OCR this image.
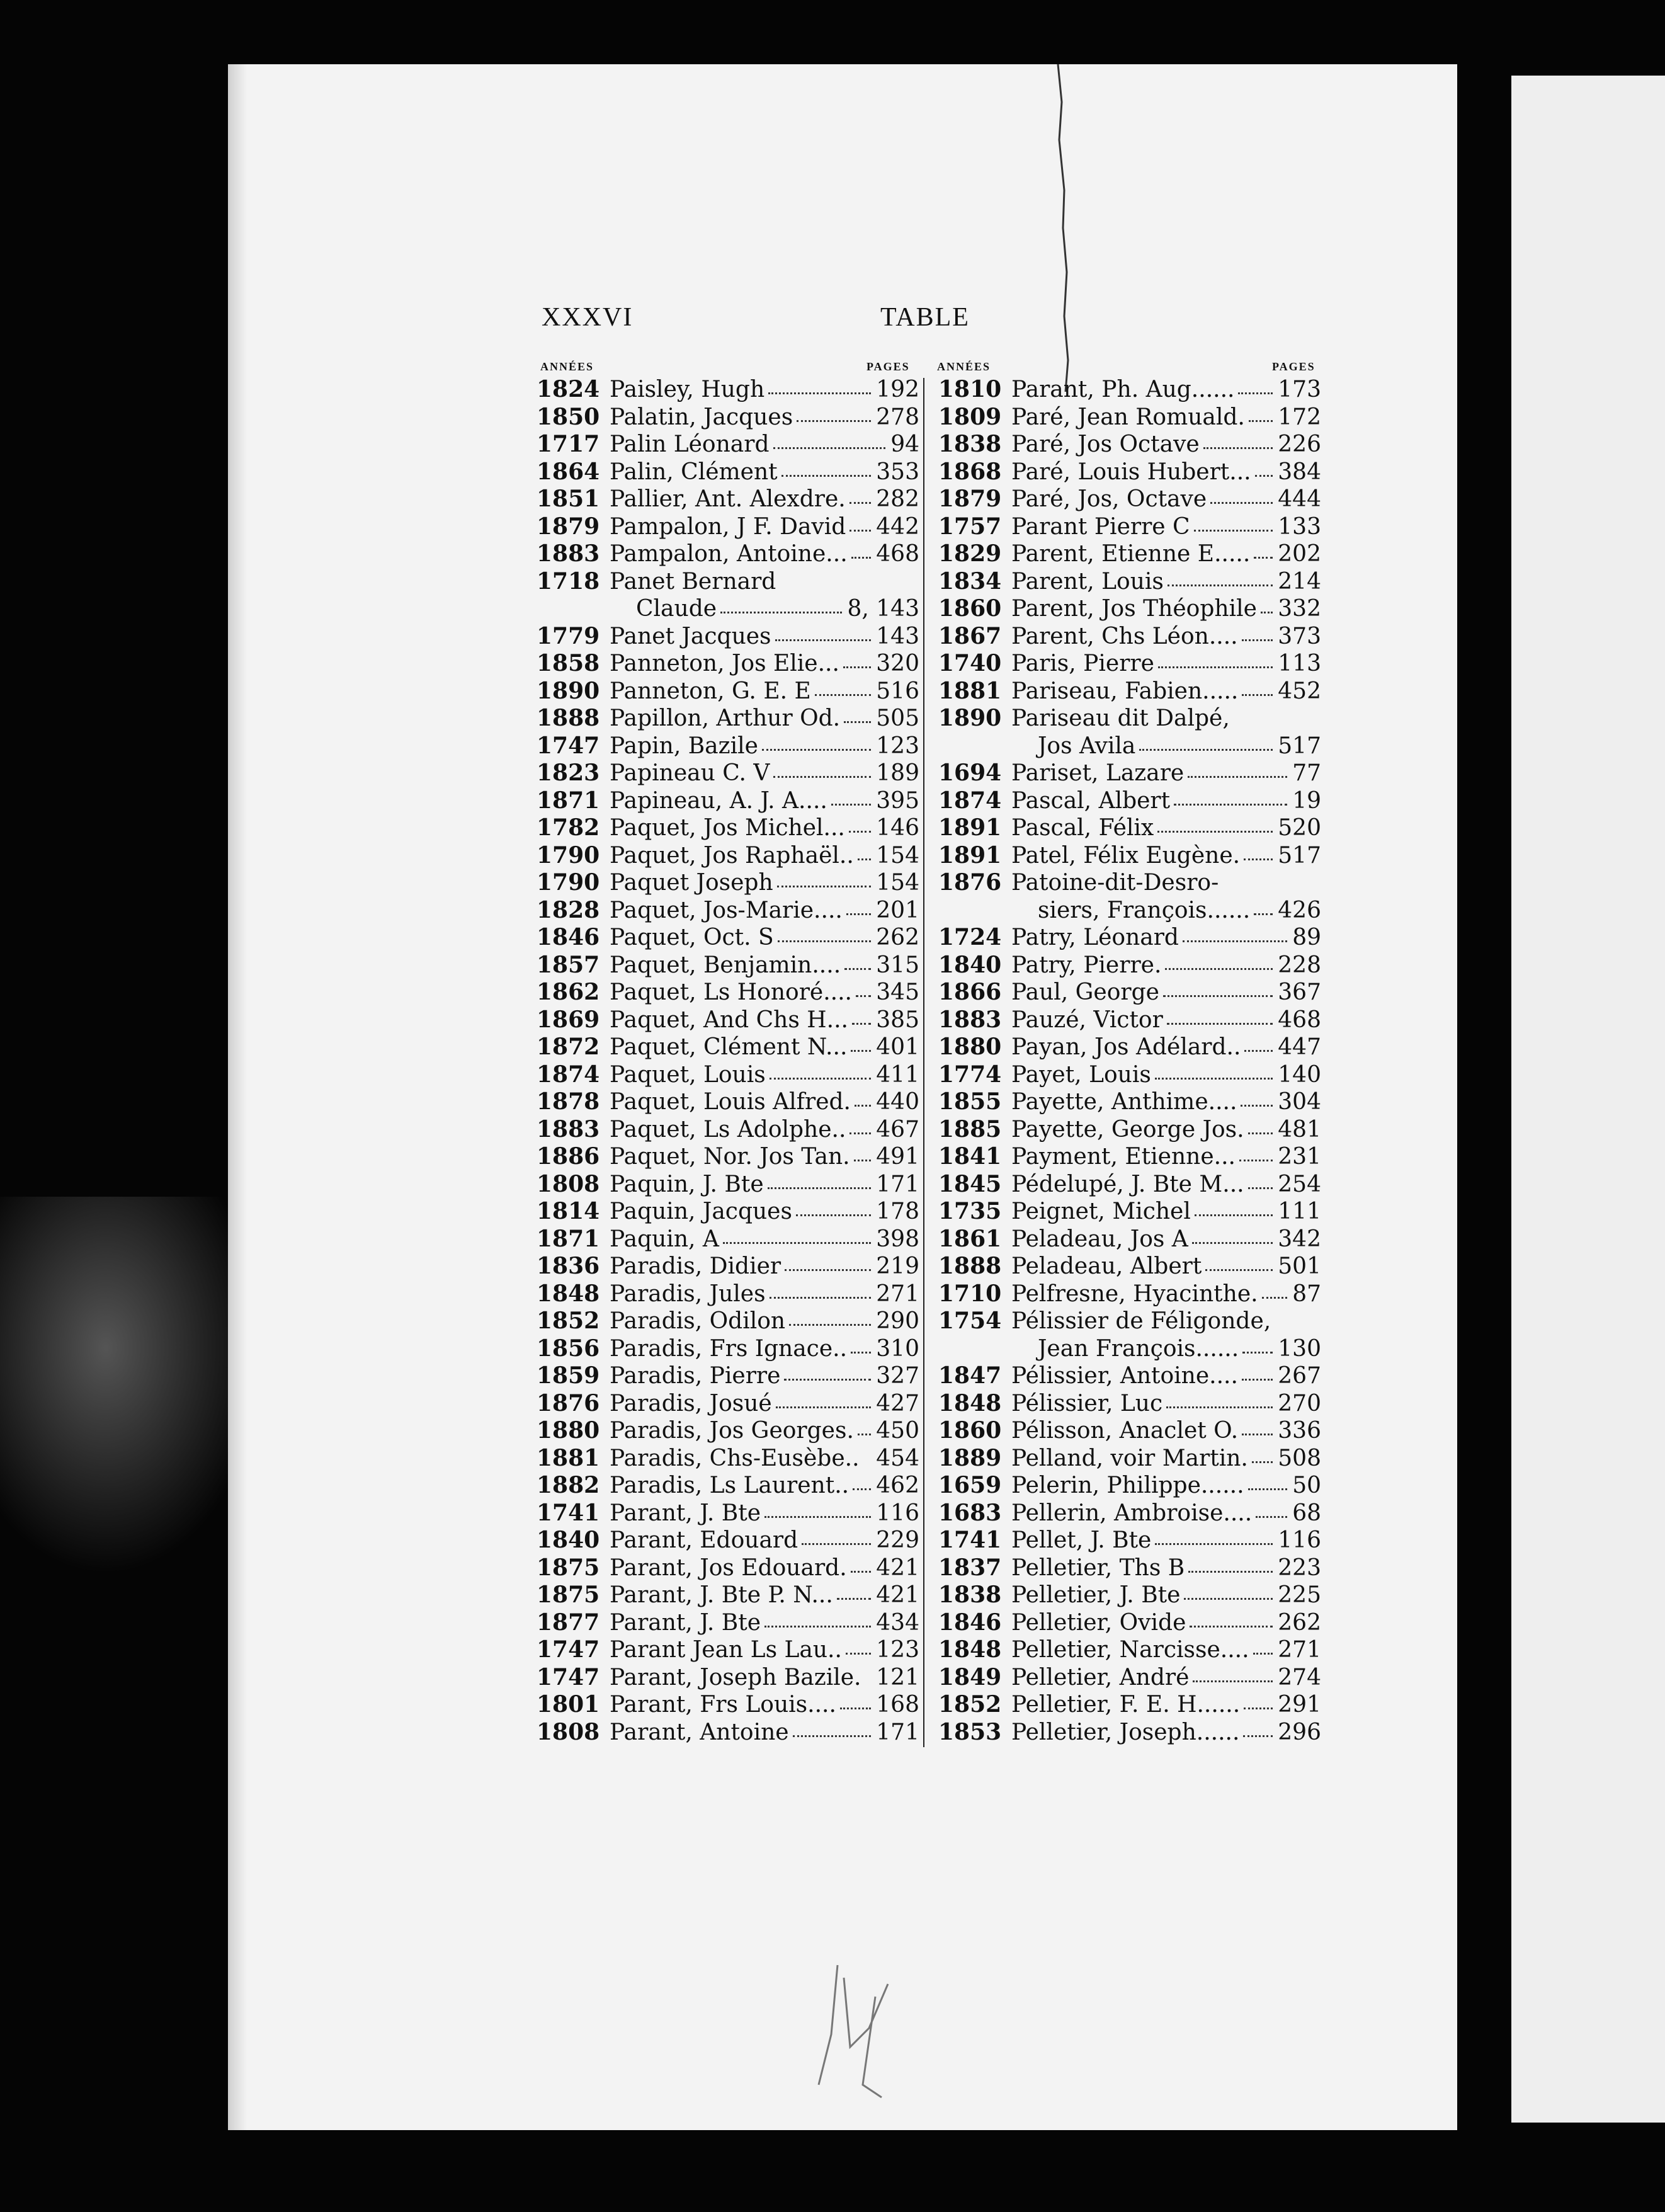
XXXVI	TABLE
ANNÉES	PAGES ANNÉES	PAGES
1824 Paisley, Hugh	192
1850 Palatin, Jacques	278
1717 Palin Léonard	94
1864 Palin, Clément	353
1851 Pallier, Ant. Alexdre. 282
1879 Pampalon, J F. David 442
1883 Pampalon, Antoine... 468
1718 Panet Bernard
Claude	8, 143
1779 Panet Jacques	143
1858 Panneton, Jos Elie... 320
1890 Panneton, G. E. E	516
1888 Papillon, Arthur Od. 505
1747 Papin, Bazile	123
1823 Papineau C. V	189
1871 Papineau, A. J. A.... 395
1782 Paquet, Jos Michel... 146
1790 Paquet, Jos Raphaël.. 154
1790 Paquet Joseph	154
1828 Paquet, Jos-Marie.... 201
1846 Paquet, Oct. S	262
1857 Paquet, Benjamin.... 315
1862 Paquet, Ls Honoré.... 345
1869 Paquet, And Chs H... 385
1872 Paquet, Clément N... 401
1874 Paquet, Louis	411
1878 Paquet, Louis Alfred. 440
1883 Paquet, Ls Adolphe.. 467
1886 Paquet, Nor. Jos Tan. 491
1808 Paquin, J. Bte	171
1814 Paquin, Jacques	178
1871 Paquin, A	398
1836 Paradis, Didier	219
1848 Paradis, Jules	271
1852 Paradis, Odilon	290
1856 Paradis, Frs Ignace.. 310
1859 Paradis, Pierre	327
1876 Paradis, Josué	427
1880 Paradis, Jos Georges. 450
1881 Paradis, Chs-Eusèbe.. 454
1882 Paradis, Ls Laurent.. 462
1741 Parant, J. Bte	116
1840 Parant, Edouard	229
1875 Parant, Jos Edouard. 421
1875 Parant, J. Bte P. N... 421
1877 Parant, J. Bte	434
1747 Parant Jean Ls Lau.. 123
1747 Parant, Joseph Bazile. 121
1801 Parant, Frs Louis.... 168
1808 Parant, Antoine	171
1810 Parant, Ph. Aug...... 173
1809 Paré, Jean Romuald. 172
1838 Paré, Jos Octave	226
1868 Paré, Louis Hubert... 384
1879 Paré, Jos, Octave	444
1757 Parant Pierre C	133
1829 Parent, Etienne E..... 202
1834 Parent, Louis	214
1860 Parent, Jos Théophile 332
1867 Parent, Chs Léon.... 373
1740 Paris, Pierre	113
1881 Pariseau, Fabien..... 452
1890 Pariseau dit Dalpé,
Jos Avila	517
1694 Pariset, Lazare	77
1874 Pascal, Albert	19
1891 Pascal, Félix	520
1891 Patel, Félix Eugène. 517
1876 Patoine-dit-Desro-
siers, François...... 426
1724 Patry, Léonard	89
1840 Patry, Pierre.	228
1866 Paul, George	367
1883 Pauzé, Victor	468
1880 Payan, Jos Adélard.. 447
1774 Payet, Louis	140
1855 Payette, Anthime.... 304
1885 Payette, George Jos. 481
1841 Payment, Etienne... 231
1845 Pédelupé, J. Bte M... 254
1735 Peignet, Michel	111
1861 Peladeau, Jos A	342
1888 Peladeau, Albert	501
1710 Pelfresne, Hyacinthe. 87
1754 Pélissier de Féligonde,
Jean François...... 130
1847 Pélissier, Antoine.... 267
1848 Pélissier, Luc	270
1860 Pélisson, Anaclet O. 336
1889 Pelland, voir Martin. 508
1659 Pelerin, Philippe...... 50
1683 Pellerin, Ambroise.... 68
1741 Pellet, J. Bte	116
1837 Pelletier, Ths B	223
1838 Pelletier, J. Bte	225
1846 Pelletier, Ovide	262
1848 Pelletier, Narcisse.... 271
1849 Pelletier, André	274
1852 Pelletier, F. E. H...... 291
1853 Pelletier, Joseph...... 296
